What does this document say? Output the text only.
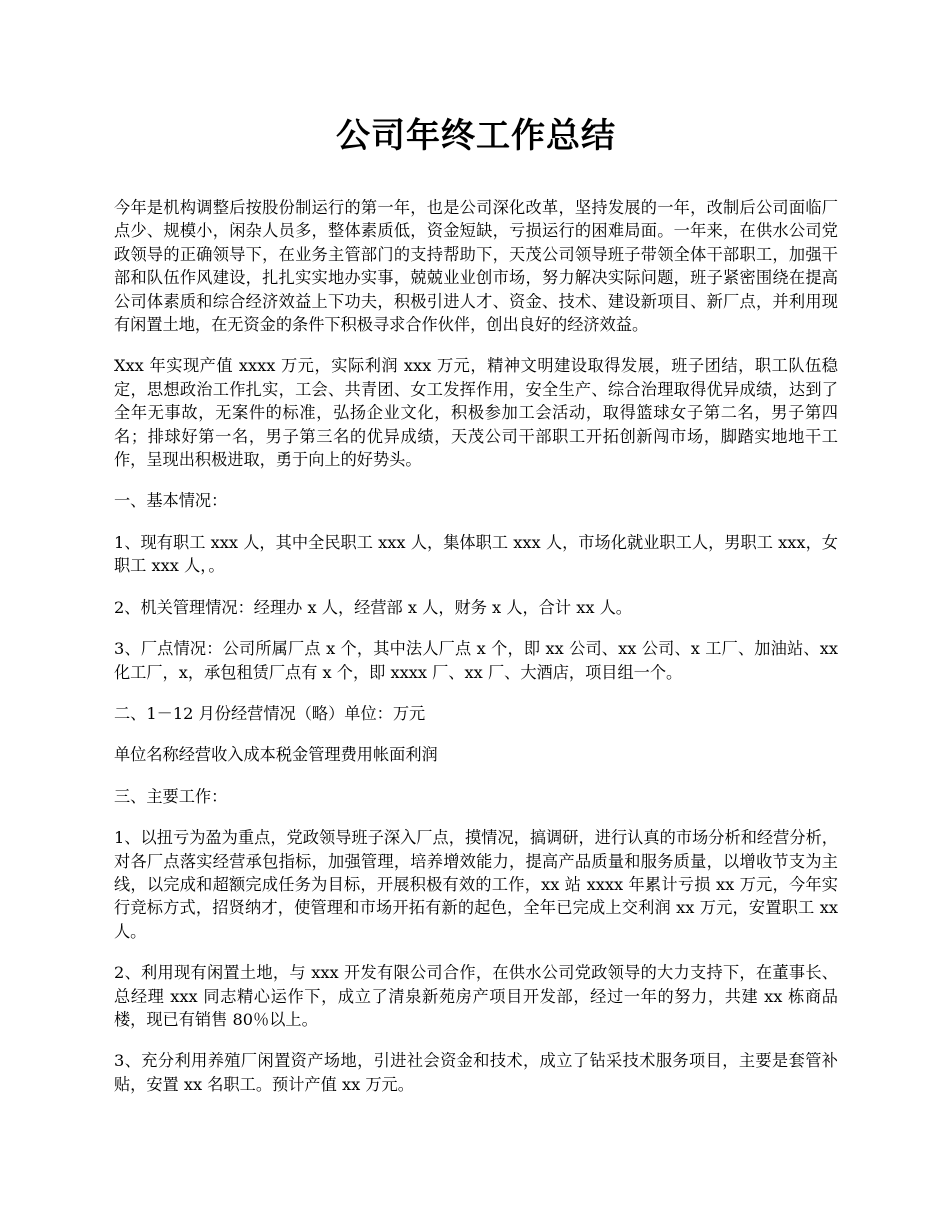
公司年终工作总结

今年是机构调整后按股份制运行的第一年，也是公司深化改革，坚持发展的一年，改制后公司面临厂点少、规模小，闲杂人员多，整体素质低，资金短缺，亏损运行的困难局面。一年来，在供水公司党政领导的正确领导下，在业务主管部门的支持帮助下，天茂公司领导班子带领全体干部职工，加强干部和队伍作风建设，扎扎实实地办实事，兢兢业业创市场，努力解决实际问题，班子紧密围绕在提高公司体素质和综合经济效益上下功夫，积极引进人才、资金、技术、建设新项目、新厂点，并利用现有闲置土地，在无资金的条件下积极寻求合作伙伴，创出良好的经济效益。

Xxx 年实现产值 xxxx 万元，实际利润 xxx 万元，精神文明建设取得发展，班子团结，职工队伍稳定，思想政治工作扎实，工会、共青团、女工发挥作用，安全生产、综合治理取得优异成绩，达到了全年无事故，无案件的标准，弘扬企业文化，积极参加工会活动，取得篮球女子第二名，男子第四名；排球好第一名，男子第三名的优异成绩，天茂公司干部职工开拓创新闯市场，脚踏实地地干工作，呈现出积极进取，勇于向上的好势头。

一、基本情况：

1、现有职工 xxx 人，其中全民职工 xxx 人，集体职工 xxx 人，市场化就业职工人，男职工 xxx，女职工 xxx 人，。

2、机关管理情况：经理办 x 人，经营部 x 人，财务 x 人，合计 xx 人。

3、厂点情况：公司所属厂点 x 个，其中法人厂点 x 个，即 xx 公司、xx 公司、x 工厂、加油站、xx 化工厂，x，承包租赁厂点有 x 个，即 xxxx 厂、xx 厂、大酒店，项目组一个。

二、1－12 月份经营情况（略）单位：万元

单位名称经营收入成本税金管理费用帐面利润

三、主要工作：

1、以扭亏为盈为重点，党政领导班子深入厂点，摸情况，搞调研，进行认真的市场分析和经营分析，对各厂点落实经营承包指标，加强管理，培养增效能力，提高产品质量和服务质量，以增收节支为主线，以完成和超额完成任务为目标，开展积极有效的工作，xx 站 xxxx 年累计亏损 xx 万元，今年实行竞标方式，招贤纳才，使管理和市场开拓有新的起色，全年已完成上交利润 xx 万元，安置职工 xx 人。

2、利用现有闲置土地，与 xxx 开发有限公司合作，在供水公司党政领导的大力支持下，在董事长、总经理 xxx 同志精心运作下，成立了清泉新苑房产项目开发部，经过一年的努力，共建 xx 栋商品楼，现已有销售 80％以上。

3、充分利用养殖厂闲置资产场地，引进社会资金和技术，成立了钻采技术服务项目，主要是套管补贴，安置 xx 名职工。预计产值 xx 万元。
